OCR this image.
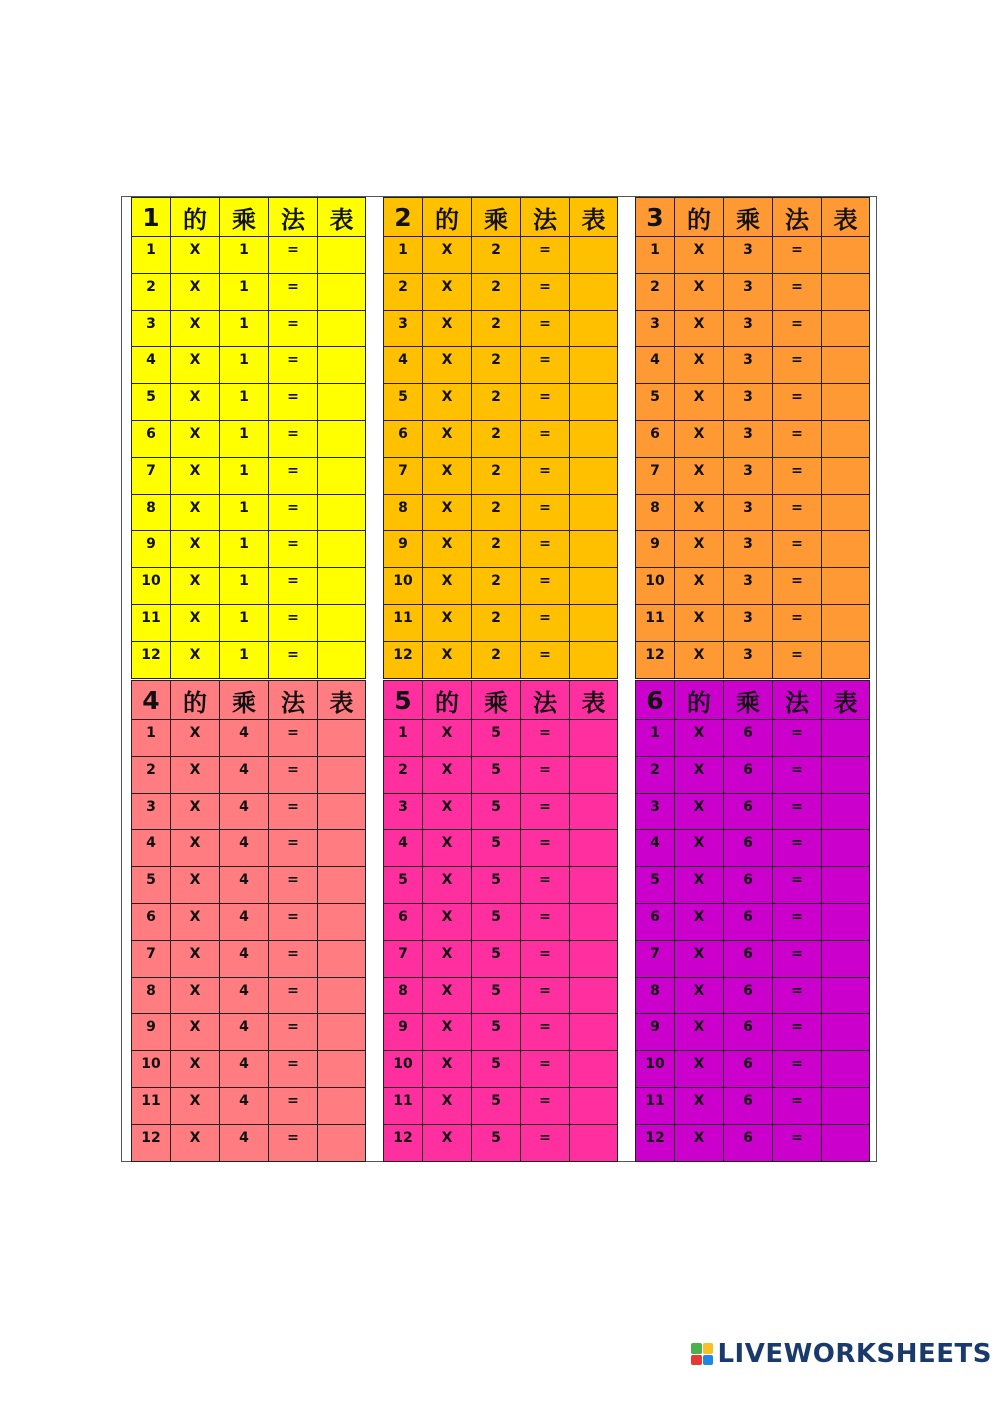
1 的	乘	法	表
1	X	1	=
2	X	1	=
3	X	1	=
4	X	1	=
5	X	1	=
6	X	1	=
7	X	1	=
8	X	1	=
9	X	1	=
10	X	1	=
11	X	1	=
12	X	1	=
2 的	乘	法	表
1	X	2	=
2	X	2	=
3	X	2	=
4	X	2	=
5	X	2	=
6	X	2	=
7	X	2	=
8	X	2	=
9	X	2	=
10	X	2	=
11	X	2	=
12	X	2	=
3 的	乘	法	表
1	X	3	=
2	X	3	=
3	X	3	=
4	X	3	=
5	X	3	=
6	X	3	=
7	X	3	=
8	X	3	=
9	X	3	=
10	X	3	=
11	X	3	=
12	X	3	=
4 的	乘	法	表
1	X	4	=
2	X	4	=
3	X	4	=
4	X	4	=
5	X	4	=
6	X	4	=
7	X	4	=
8	X	4	=
9	X	4	=
10	X	4	=
11	X	4	=
12	X	4	=
5 的	乘	法	表
1	X	5	=
2	X	5	=
3	X	5	=
4	X	5	=
5	X	5	=
6	X	5	=
7	X	5	=
8	X	5	=
9	X	5	=
10	X	5	=
11	X	5	=
12	X	5	=
6 的	乘	法	表
1	X	6	=
2	X	6	=
3	X	6	=
4	X	6	=
5	X	6	=
6	X	6	=
7	X	6	=
8	X	6	=
9	X	6	=
10	X	6	=
11	X	6	=
12	X	6	=
LIVEWORKSHEETS
